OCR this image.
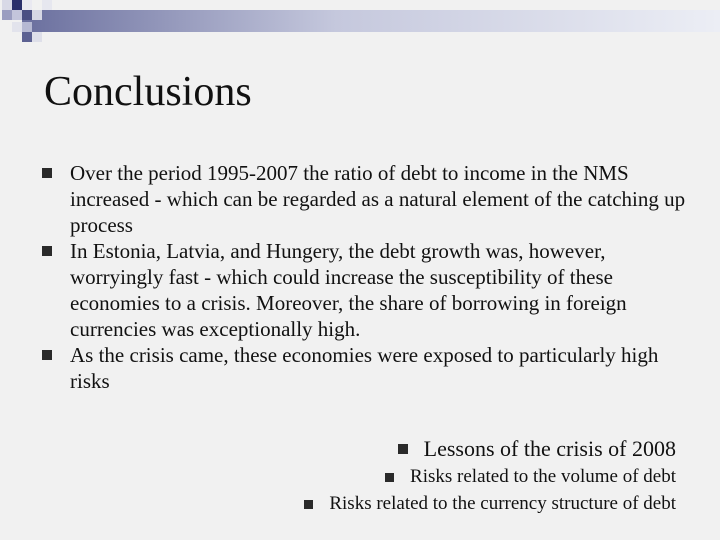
Conclusions
Over the period 1995-2007 the ratio of debt to income in the NMS increased - which can be regarded as a natural element of the catching up process
In Estonia, Latvia, and Hungery, the debt growth was, however, worryingly fast - which could increase the susceptibility of these economies to a crisis. Moreover, the share of borrowing in foreign currencies was exceptionally high.
As the crisis came, these economies were exposed to particularly high risks
Lessons of the crisis of 2008
Risks related to the volume of debt
Risks related to the currency structure of debt
